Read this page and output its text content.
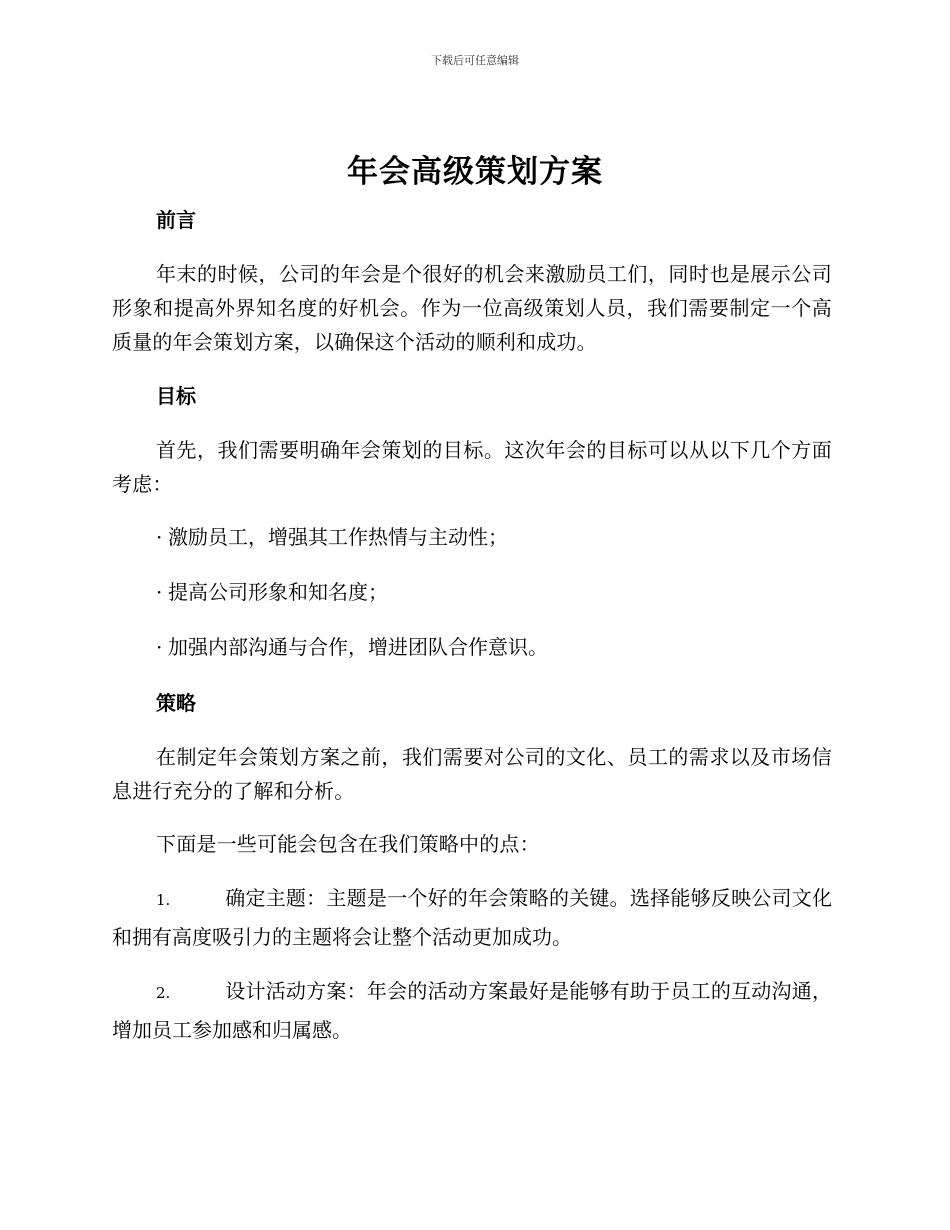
下载后可任意编辑
年会高级策划方案
前言

年末的时候，公司的年会是个很好的机会来激励员工们，同时也是展示公司形象和提高外界知名度的好机会。作为一位高级策划人员，我们需要制定一个高质量的年会策划方案，以确保这个活动的顺利和成功。

目标

首先，我们需要明确年会策划的目标。这次年会的目标可以从以下几个方面考虑：

· 激励员工，增强其工作热情与主动性；
· 提高公司形象和知名度；
· 加强内部沟通与合作，增进团队合作意识。
策略

在制定年会策划方案之前，我们需要对公司的文化、员工的需求以及市场信息进行充分的了解和分析。

下面是一些可能会包含在我们策略中的点：

1.	确定主题：主题是一个好的年会策略的关键。选择能够反映公司文化和拥有高度吸引力的主题将会让整个活动更加成功。

2.	设计活动方案：年会的活动方案最好是能够有助于员工的互动沟通，增加员工参加感和归属感。
